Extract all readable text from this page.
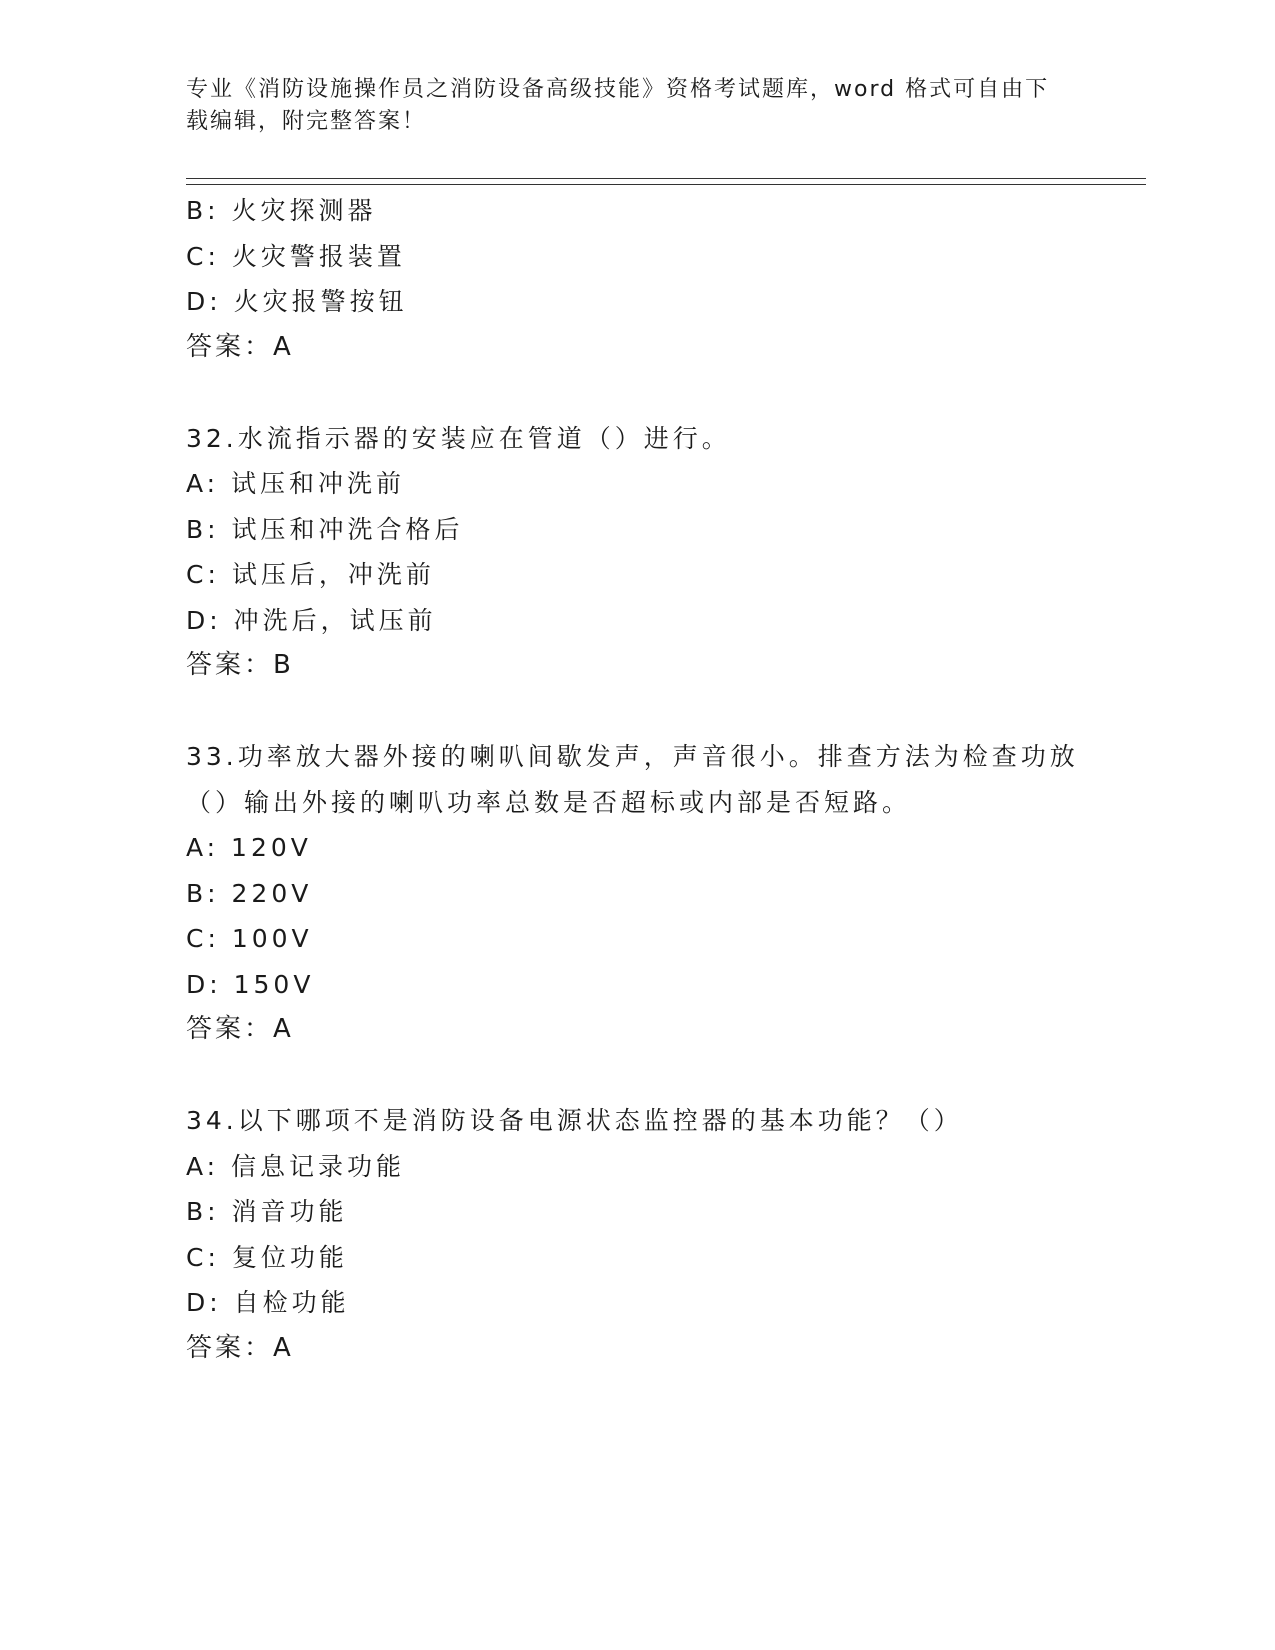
专业《消防设施操作员之消防设备高级技能》资格考试题库，word 格式可自由下载编辑，附完整答案！
B: 火灾探测器
C: 火灾警报装置
D: 火灾报警按钮
答案：A
32.水流指示器的安装应在管道（）进行。
A: 试压和冲洗前
B: 试压和冲洗合格后
C: 试压后，冲洗前
D: 冲洗后，试压前
答案：B
33.功率放大器外接的喇叭间歇发声，声音很小。排查方法为检查功放（）输出外接的喇叭功率总数是否超标或内部是否短路。
A: 120V
B: 220V
C: 100V
D: 150V
答案：A
34.以下哪项不是消防设备电源状态监控器的基本功能？（）
A: 信息记录功能
B: 消音功能
C: 复位功能
D: 自检功能
答案：A
